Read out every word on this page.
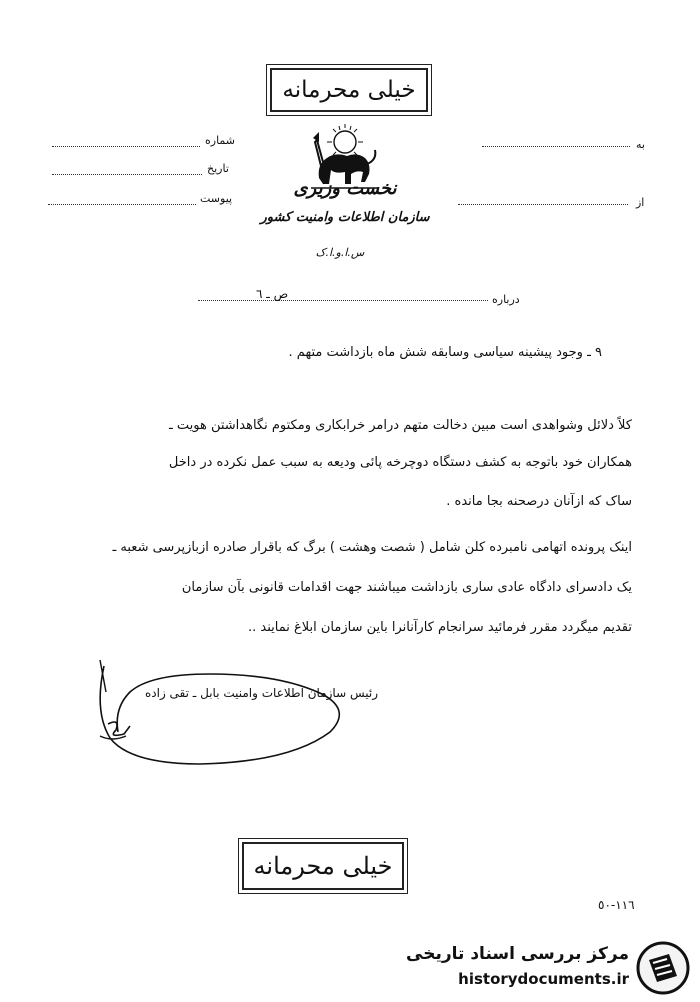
خیلی محرمانه
شماره
تاریخ
پیوست
به
از
نخست وزیری
سازمان اطلاعات وامنیت کشور
س.ا.و.ا.ک
ص ـ ٦	درباره
٩ ـ وجود پیشینه سیاسی وسابقه شش ماه بازداشت متهم .
کلاً دلائل وشواهدی است مبین دخالت متهم درامر خرابکاری ومکتوم نگاهداشتن هویت ـ
همکاران خود باتوجه به کشف دستگاه دوچرخه پائی ودیعه به سبب عمل نکرده در داخل
ساک که ازآنان درصحنه بجا مانده .
اینک پرونده اتهامی نامبرده کلن شامل ( شصت وهشت ) برگ که باقرار صادره ازبازپرسی شعبه ـ
یک دادسرای دادگاه عادی ساری بازداشت میباشند جهت اقدامات قانونی بآن سازمان
تقدیم میگردد مقرر فرمائید سرانجام کارآنانرا باین سازمان ابلاغ نمایند ..
رئیس سازمان اطلاعات وامنیت بابل ـ تقی زاده
خیلی محرمانه
١١٦-٥٠
مرکز بررسی اسناد تاریخی
historydocuments.ir
